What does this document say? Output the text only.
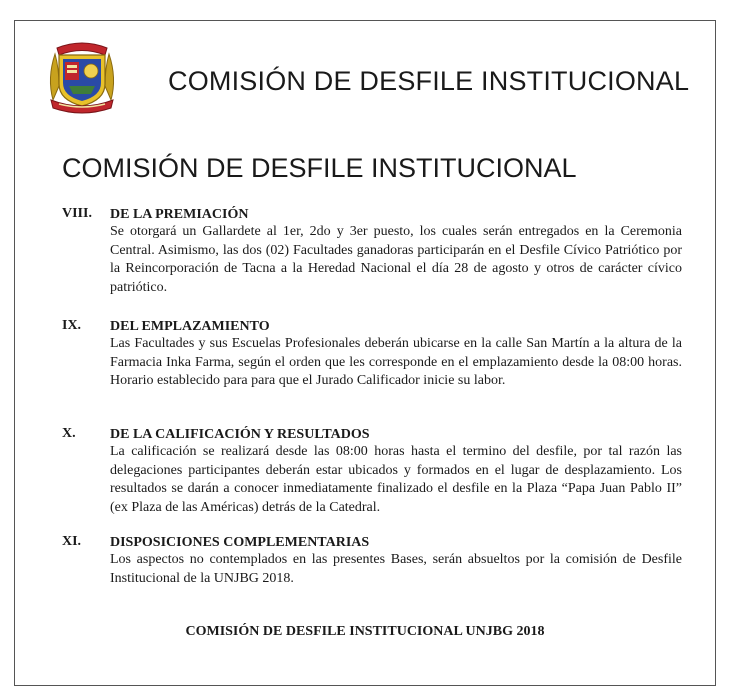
COMISIÓN DE DESFILE INSTITUCIONAL
COMISIÓN DE DESFILE INSTITUCIONAL
VIII. DE LA PREMIACIÓN
Se otorgará un Gallardete al 1er, 2do y 3er puesto, los cuales serán entregados en la Ceremonia Central. Asimismo, las dos (02) Facultades ganadoras participarán en el Desfile Cívico Patriótico por la Reincorporación de Tacna a la Heredad Nacional el día 28 de agosto y otros de carácter cívico patriótico.
IX. DEL EMPLAZAMIENTO
Las Facultades y sus Escuelas Profesionales deberán ubicarse en la calle San Martín a la altura de la Farmacia Inka Farma, según el orden que les corresponde en el emplazamiento desde la 08:00 horas. Horario establecido para para que el Jurado Calificador inicie su labor.
X. DE LA CALIFICACIÓN Y RESULTADOS
La calificación se realizará desde las 08:00 horas hasta el termino del desfile, por tal razón las delegaciones participantes deberán estar ubicados y formados en el lugar de desplazamiento. Los resultados se darán a conocer inmediatamente finalizado el desfile en la Plaza “Papa Juan Pablo II” (ex Plaza de las Américas) detrás de la Catedral.
XI. DISPOSICIONES COMPLEMENTARIAS
Los aspectos no contemplados en las presentes Bases, serán absueltos por la comisión de Desfile Institucional de la UNJBG 2018.
COMISIÓN DE DESFILE INSTITUCIONAL UNJBG 2018
